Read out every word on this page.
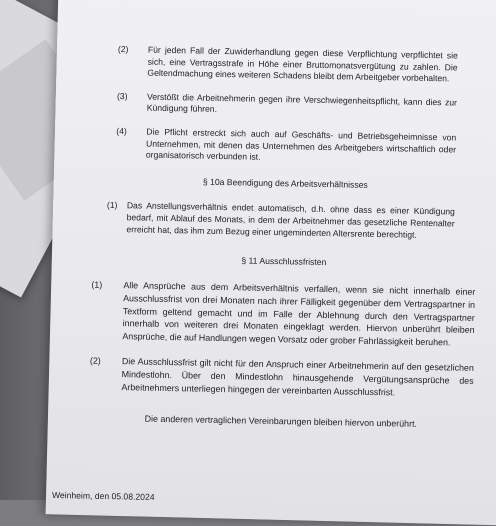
(2) Für jeden Fall der Zuwiderhandlung gegen diese Verpflichtung verpflichtet sie sich, eine Vertragsstrafe in Höhe einer Bruttomonatsvergütung zu zahlen. Die Geltendmachung eines weiteren Schadens bleibt dem Arbeitgeber vorbehalten.
(3) Verstößt die Arbeitnehmerin gegen ihre Verschwiegenheitspflicht, kann dies zur Kündigung führen.
(4) Die Pflicht erstreckt sich auch auf Geschäfts- und Betriebsgeheimnisse von Unternehmen, mit denen das Unternehmen des Arbeitgebers wirtschaftlich oder organisatorisch verbunden ist.
§ 10a Beendigung des Arbeitsverhältnisses
(1) Das Anstellungsverhältnis endet automatisch, d.h. ohne dass es einer Kündigung bedarf, mit Ablauf des Monats, in dem der Arbeitnehmer das gesetzliche Rentenalter erreicht hat, das ihm zum Bezug einer ungeminderten Altersrente berechtigt.
§ 11 Ausschlussfristen
(1) Alle Ansprüche aus dem Arbeitsverhältnis verfallen, wenn sie nicht innerhalb einer Ausschlussfrist von drei Monaten nach ihrer Fälligkeit gegenüber dem Vertragspartner in Textform geltend gemacht und im Falle der Ablehnung durch den Vertragspartner innerhalb von weiteren drei Monaten eingeklagt werden. Hiervon unberührt bleiben Ansprüche, die auf Handlungen wegen Vorsatz oder grober Fahrlässigkeit beruhen.
(2) Die Ausschlussfrist gilt nicht für den Anspruch einer Arbeitnehmerin auf den gesetzlichen Mindestlohn. Über den Mindestlohn hinausgehende Vergütungsansprüche des Arbeitnehmers unterliegen hingegen der vereinbarten Ausschlussfrist.
Die anderen vertraglichen Vereinbarungen bleiben hiervon unberührt.
Weinheim, den 05.08.2024
